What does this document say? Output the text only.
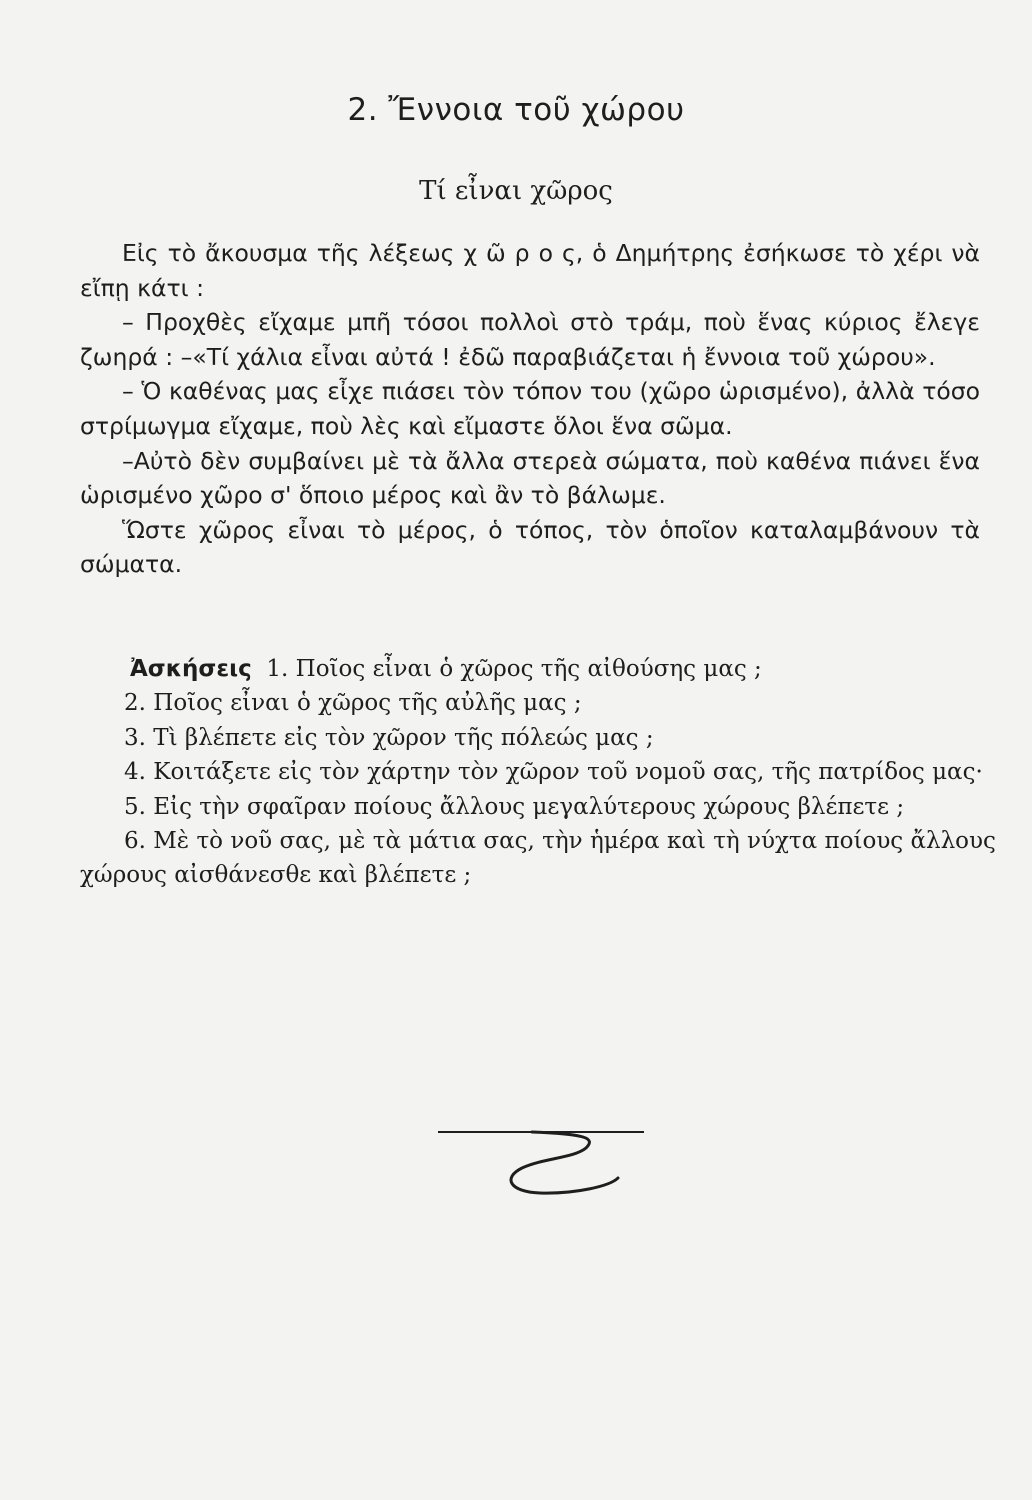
2. Ἔννοια τοῦ χώρου
Τί εἶναι χῶρος

Εἰς τὸ ἄκουσμα τῆς λέξεως χ ῶ ρ ο ς, ὁ Δημήτρης ἐσήκωσε τὸ χέρι νὰ εἴπῃ κάτι :

– Προχθὲς εἴχαμε μπῆ τόσοι πολλοὶ στὸ τράμ, ποὺ ἕνας κύριος ἔλεγε ζωηρά : –«Τί χάλια εἶναι αὐτά ! ἐδῶ παραβιάζεται ἡ ἔννοια τοῦ χώρου».

– Ὁ καθένας μας εἶχε πιάσει τὸν τόπον του (χῶρο ὡρισμένο), ἀλλὰ τόσο στρίμωγμα εἴχαμε, ποὺ λὲς καὶ εἴμαστε ὅλοι ἕνα σῶμα.

–Αὐτὸ δὲν συμβαίνει μὲ τὰ ἄλλα στερεὰ σώματα, ποὺ καθένα πιάνει ἕνα ὡρισμένο χῶρο σ' ὅποιο μέρος καὶ ἂν τὸ βάλωμε.

Ὥστε χῶρος εἶναι τὸ μέρος, ὁ τόπος, τὸν ὁποῖον καταλαμβάνουν τὰ σώματα.

Ἀσκήσεις 1. Ποῖος εἶναι ὁ χῶρος τῆς αἰθούσης μας ;
2. Ποῖος εἶναι ὁ χῶρος τῆς αὐλῆς μας ;
3. Τὶ βλέπετε εἰς τὸν χῶρον τῆς πόλεώς μας ;
4. Κοιτάξετε εἰς τὸν χάρτην τὸν χῶρον τοῦ νομοῦ σας, τῆς πατρίδος μας·
5. Εἰς τὴν σφαῖραν ποίους ἄλλους μεγαλύτερους χώρους βλέπετε ;
6. Μὲ τὸ νοῦ σας, μὲ τὰ μάτια σας, τὴν ἡμέρα καὶ τὴ νύχτα ποίους ἄλλους
χώρους αἰσθάνεσθε καὶ βλέπετε ;
